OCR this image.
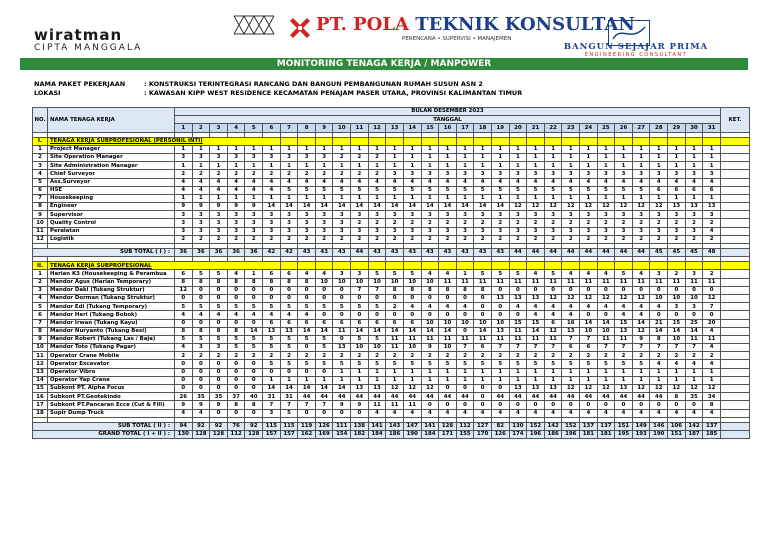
wiratman
CIPTA MANGGALA
PT. POLA TEKNIK KONSULTAN
PERENCANA • SUPERVISI • MANAJEMEN
BANGUN SEJAJAR PRIMA
ENGINEERING CONSULTANT
MONITORING TENAGA KERJA / MANPOWER
NAMA PAKET PEKERJAAN	: KONSTRUKSI TERINTEGRASI RANCANG DAN BANGUN PEMBANGUNAN RUMAH SUSUN ASN 2
LOKASI	: KAWASAN KIPP WEST RESIDENCE KECAMATAN PENAJAM PASER UTARA, PROVINSI KALIMANTAN TIMUR
NO.	NAMA TENAGA KERJA	BULAN DESEMBER 2023																															KET.
		TANGGAL																															
		1	2	3	4	5	6	7	8	9	10	11	12	13	14	15	16	17	18	19	20	21	22	23	24	25	26	27	28	29	30	31	

I.	TENAGA KERJA SUBPROFESIONAL (PERSONIL INTI)																																
1	Project Manager	1	1	1	1	1	1	1	1	1	1	1	1	1	1	1	1	1	1	1	1	1	1	1	1	1	1	1	1	1	1	1	
2	Site Operation Manager	3	3	3	3	3	3	3	3	3	2	2	2	1	1	1	1	1	1	1	1	1	1	1	1	1	1	1	1	1	1	1	
3	Site Administration Manager	1	1	1	1	1	1	1	1	1	1	1	1	1	1	1	1	1	1	1	1	1	1	1	1	1	1	1	1	1	1	1	
4	Chief Surveyor	2	2	2	2	2	2	2	2	2	2	2	2	3	3	3	3	3	3	3	3	3	3	3	3	3	3	3	3	3	3	3	
5	Ass.Surveyor	4	4	4	4	4	4	4	4	4	4	4	4	4	4	4	4	4	4	4	4	4	4	4	4	4	4	4	4	4	4	4	
6	HSE	4	4	4	4	4	4	5	5	5	5	5	5	5	5	5	5	5	5	5	5	5	5	5	5	5	5	5	6	6	6	6	
7	Housekeeping	1	1	1	1	1	1	1	1	1	1	1	1	1	1	1	1	1	1	1	1	1	1	1	1	1	1	1	1	1	1	1	
8	Engineer	9	9	9	9	9	14	14	14	14	14	14	14	14	14	14	14	14	14	14	12	12	12	12	12	12	12	12	12	13	13	13	
9	Supervisor	3	3	3	3	3	3	3	3	3	3	3	3	3	3	3	3	3	3	3	3	3	3	3	3	3	3	3	3	3	3	3	
10	Quality Control	3	3	3	3	3	3	3	3	3	3	2	2	2	2	2	2	2	2	2	2	2	2	2	2	2	2	2	2	2	2	2	
11	Peralatan	3	3	3	3	3	3	3	3	3	3	3	3	3	3	3	3	3	3	3	3	3	3	3	3	3	3	3	3	3	3	4	
12	Logistik	2	2	2	2	2	2	2	2	2	2	2	2	2	2	2	2	2	2	2	2	2	2	2	2	2	2	2	2	2	2	2	

SUB TOTAL ( I ) :		36	36	36	36	36	42	42	43	43	43	44	43	43	43	43	43	43	43	43	44	44	44	44	44	44	44	44	45	45	45	48	

II.	TENAGA KERJA SUBPROFESIONAL																																
1	Harian K3 (Housekeeping & Perambua	6	5	5	4	1	6	6	4	4	3	3	5	5	5	4	4	1	5	5	5	4	5	4	4	4	5	4	3	2	3	2	
2	Mandor Agus (Harian Temporary)	8	8	8	8	8	8	8	8	10	10	10	10	10	10	10	11	11	11	11	11	11	11	11	11	11	11	11	11	11	11	11	
3	Mandor Daki (Tukang Struktur)	12	0	0	0	0	0	0	0	0	0	7	7	8	8	8	8	8	8	0	0	0	0	0	0	0	0	0	0	0	0	0	
4	Mandor Dorman (Tukang Struktur)	0	0	0	0	0	0	0	0	0	0	0	0	0	0	0	0	0	0	13	13	13	12	12	12	12	12	12	10	10	10	12	
5	Mandor Edi (Tukang Temporary)	5	5	5	5	5	5	5	5	5	5	5	5	2	4	4	4	4	0	0	4	4	4	4	4	4	4	4	4	3	3	7	
6	Mandor Heri (Tukang Bobok)	4	4	4	4	4	4	4	4	0	0	0	0	0	0	0	0	0	0	0	0	4	4	4	0	0	4	4	0	0	0	0	
7	Mandor Irwan (Tukang Kayu)	0	0	0	0	0	6	6	6	6	6	6	6	6	6	10	10	10	10	10	15	15	6	16	14	14	15	14	21	15	25	20	
8	Mandor Nuryanto (Tukang Besi)	8	8	8	8	14	13	13	14	14	11	14	14	14	14	14	14	0	14	13	11	14	12	13	10	10	13	12	14	14	14	4	
9	Mandor Robert (Tukang Las / Baja)	5	5	5	5	5	5	5	5	5	0	5	5	11	11	11	11	11	11	11	11	11	11	7	7	11	11	9	8	10	11	11	
10	Mandor Toto (Tukang Pagar)	4	3	3	5	5	5	5	0	5	13	10	10	11	10	9	10	7	6	7	7	7	7	6	6	7	7	7	7	7	7	4	
11	Operator Crane Mobile	2	2	2	2	2	2	2	2	2	2	2	2	2	2	2	2	2	2	2	2	2	2	2	2	2	2	2	2	2	2	2	
12	Operator Excavator	0	0	0	0	0	5	5	5	5	5	5	5	5	5	5	5	5	5	5	5	5	5	5	5	5	5	5	4	4	4	4	
13	Operator Vibro	0	0	0	0	0	0	0	0	0	1	1	1	1	1	1	1	1	1	1	1	1	1	1	1	1	1	1	1	1	1	1	
14	Operator Yap Crane	0	0	0	0	0	1	1	1	1	1	1	1	1	1	1	1	1	1	1	1	1	1	1	1	1	1	1	1	1	1	1	
15	Subkont PT. Alpha Focus	0	0	0	0	0	14	14	14	14	14	13	13	12	12	12	0	0	0	0	13	13	13	12	12	12	13	12	12	12	12	12	
16	Subkont PT.Geotekindo	26	35	35	37	40	31	31	44	44	44	44	44	44	44	44	44	44	0	44	44	44	44	44	44	44	44	44	44	8	35	34	
17	Subkont PT.Pancaran Ecce (Cut & Fill)	9	9	9	8	8	7	7	7	7	9	9	11	11	11	0	0	0	0	0	0	0	0	0	0	0	0	0	0	0	0	8	
18	Supir Dump Truck	4	4	0	0	0	3	5	0	0	0	0	4	4	4	4	4	4	4	4	4	4	4	4	4	4	4	4	4	4	4	4	

SUB TOTAL ( II ) :		94	92	92	76	92	115	115	119	126	111	138	141	143	147	141	128	112	127	82	130	152	142	152	137	137	151	149	146	106	142	137	
GRAND TOTAL ( I + II ) :		130	128	128	112	128	157	157	162	169	154	182	184	186	190	184	171	155	170	126	174	196	186	196	181	181	195	193	190	151	187	185	
